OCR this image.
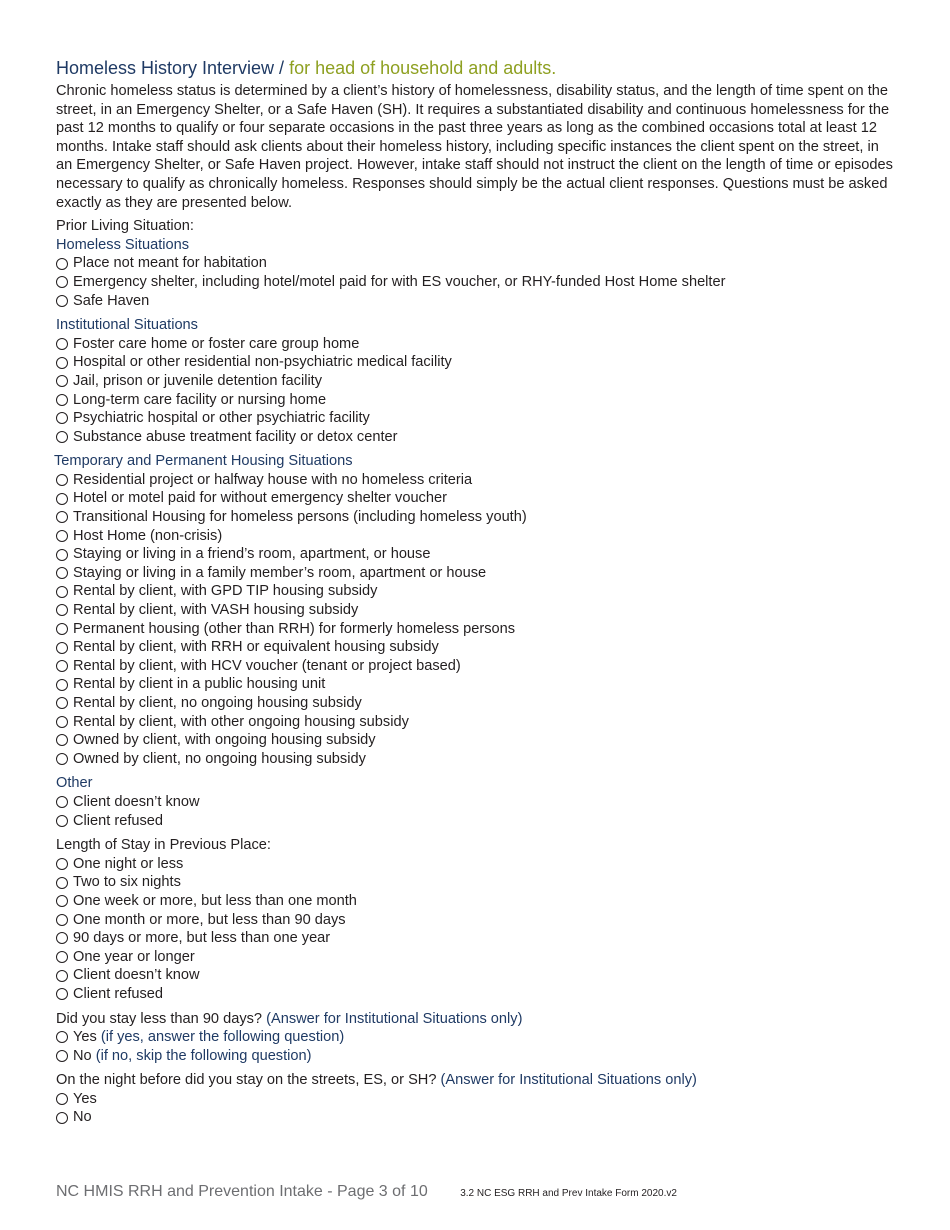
Homeless History Interview / for head of household and adults.

Chronic homeless status is determined by a client’s history of homelessness, disability status, and the length of time spent on the street, in an Emergency Shelter, or a Safe Haven (SH). It requires a substantiated disability and continuous homelessness for the past 12 months to qualify or four separate occasions in the past three years as long as the combined occasions total at least 12 months. Intake staff should ask clients about their homeless history, including specific instances the client spent on the street, in an Emergency Shelter, or Safe Haven project. However, intake staff should not instruct the client on the length of time or episodes necessary to qualify as chronically homeless. Responses should simply be the actual client responses. Questions must be asked exactly as they are presented below.

Prior Living Situation:

Homeless Situations

Place not meant for habitation
Emergency shelter, including hotel/motel paid for with ES voucher, or RHY-funded Host Home shelter
Safe Haven

Institutional Situations

Foster care home or foster care group home
Hospital or other residential non-psychiatric medical facility
Jail, prison or juvenile detention facility
Long-term care facility or nursing home
Psychiatric hospital or other psychiatric facility
Substance abuse treatment facility or detox center

Temporary and Permanent Housing Situations

Residential project or halfway house with no homeless criteria
Hotel or motel paid for without emergency shelter voucher
Transitional Housing for homeless persons (including homeless youth)
Host Home (non-crisis)
Staying or living in a friend’s room, apartment, or house
Staying or living in a family member’s room, apartment or house
Rental by client, with GPD TIP housing subsidy
Rental by client, with VASH housing subsidy
Permanent housing (other than RRH) for formerly homeless persons
Rental by client, with RRH or equivalent housing subsidy
Rental by client, with HCV voucher (tenant or project based)
Rental by client in a public housing unit
Rental by client, no ongoing housing subsidy
Rental by client, with other ongoing housing subsidy
Owned by client, with ongoing housing subsidy
Owned by client, no ongoing housing subsidy

Other

Client doesn’t know
Client refused

Length of Stay in Previous Place:

One night or less
Two to six nights
One week or more, but less than one month
One month or more, but less than 90 days
90 days or more, but less than one year
One year or longer
Client doesn’t know
Client refused

Did you stay less than 90 days? (Answer for Institutional Situations only)

Yes
(if yes, answer the following question)
No
(if no, skip the following question)

On the night before did you stay on the streets, ES, or SH? (Answer for Institutional Situations only)

Yes
No
NC HMIS RRH and Prevention Intake - Page 3 of 10	3.2 NC ESG RRH and Prev Intake Form 2020.v2
